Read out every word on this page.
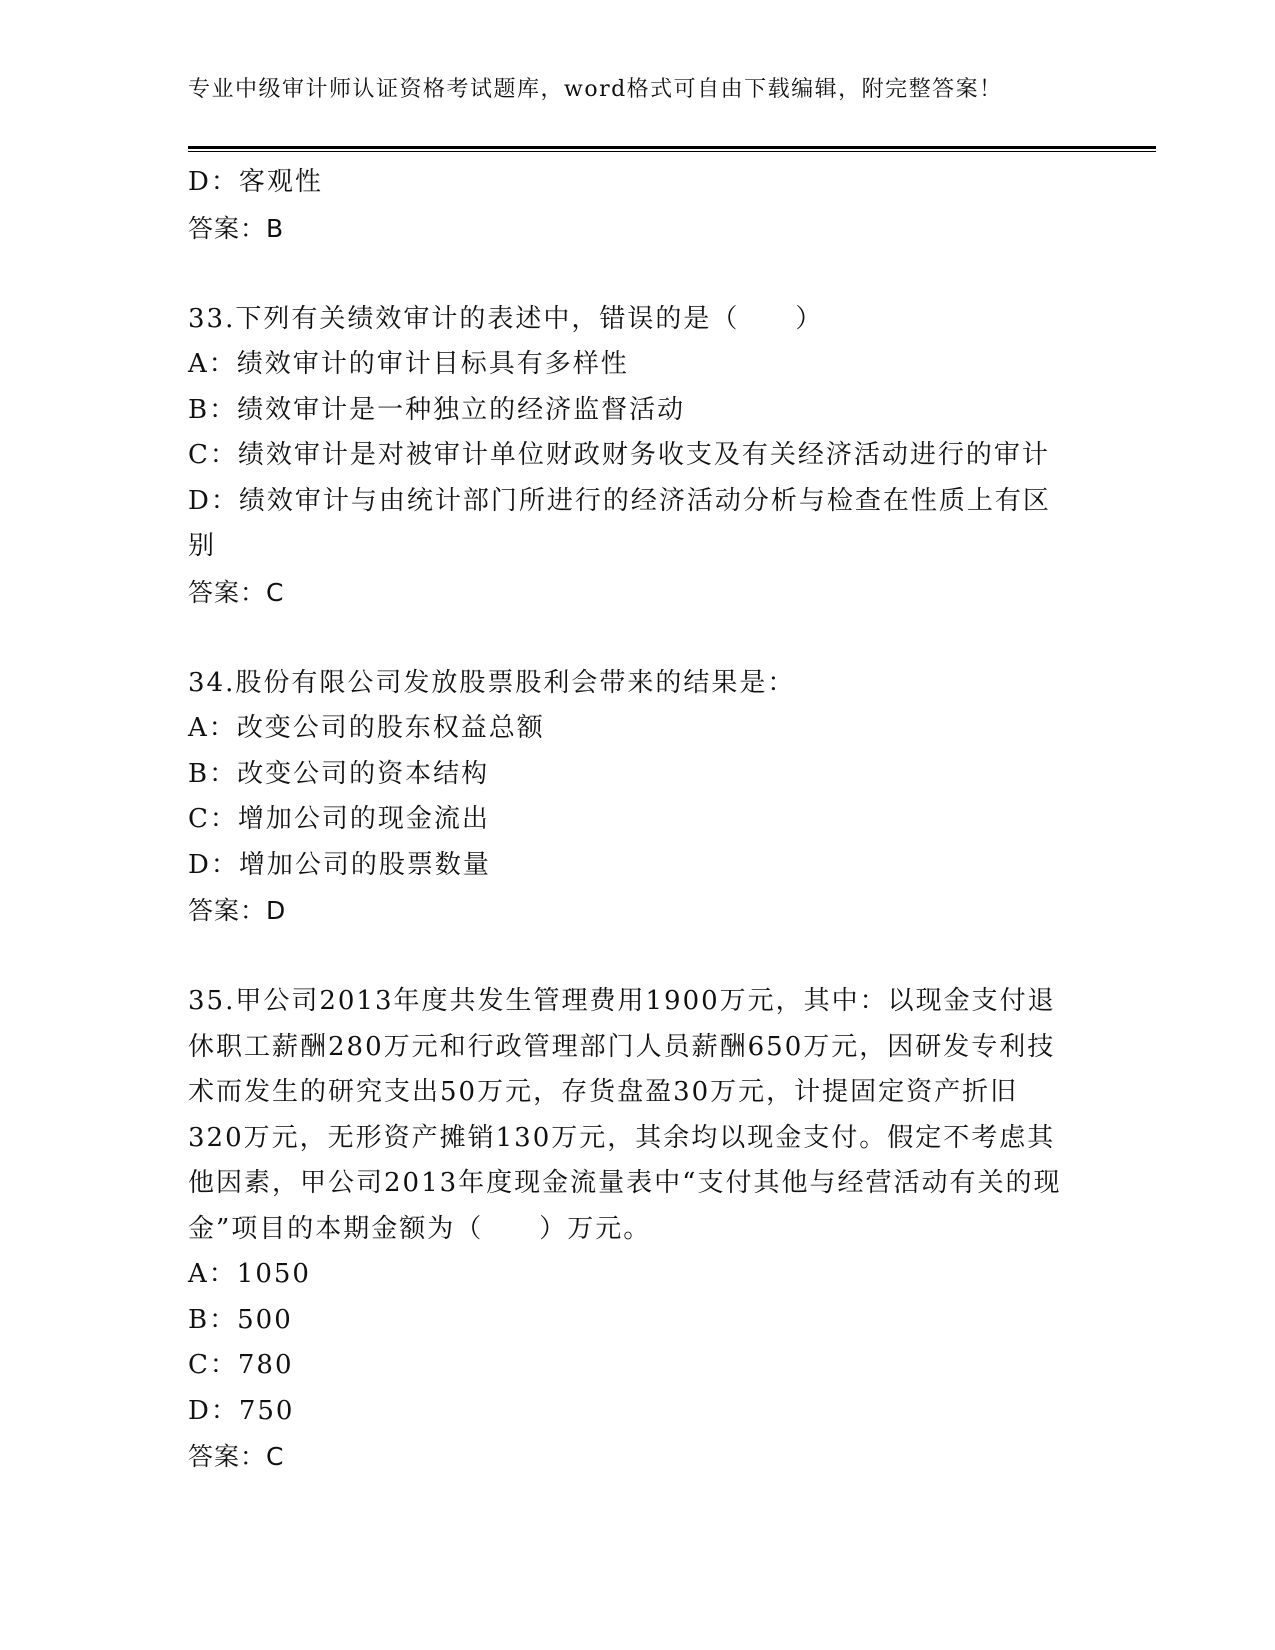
专业中级审计师认证资格考试题库，word格式可自由下载编辑，附完整答案！
D：客观性
答案：B
33.下列有关绩效审计的表述中，错误的是（　　）
A：绩效审计的审计目标具有多样性
B：绩效审计是一种独立的经济监督活动
C：绩效审计是对被审计单位财政财务收支及有关经济活动进行的审计
D：绩效审计与由统计部门所进行的经济活动分析与检查在性质上有区别
答案：C
34.股份有限公司发放股票股利会带来的结果是：
A：改变公司的股东权益总额
B：改变公司的资本结构
C：增加公司的现金流出
D：增加公司的股票数量
答案：D
35.甲公司2013年度共发生管理费用1900万元，其中：以现金支付退休职工薪酬280万元和行政管理部门人员薪酬650万元，因研发专利技术而发生的研究支出50万元，存货盘盈30万元，计提固定资产折旧320万元，无形资产摊销130万元，其余均以现金支付。假定不考虑其他因素，甲公司2013年度现金流量表中“支付其他与经营活动有关的现金”项目的本期金额为（　　）万元。
A：1050
B：500
C：780
D：750
答案：C
